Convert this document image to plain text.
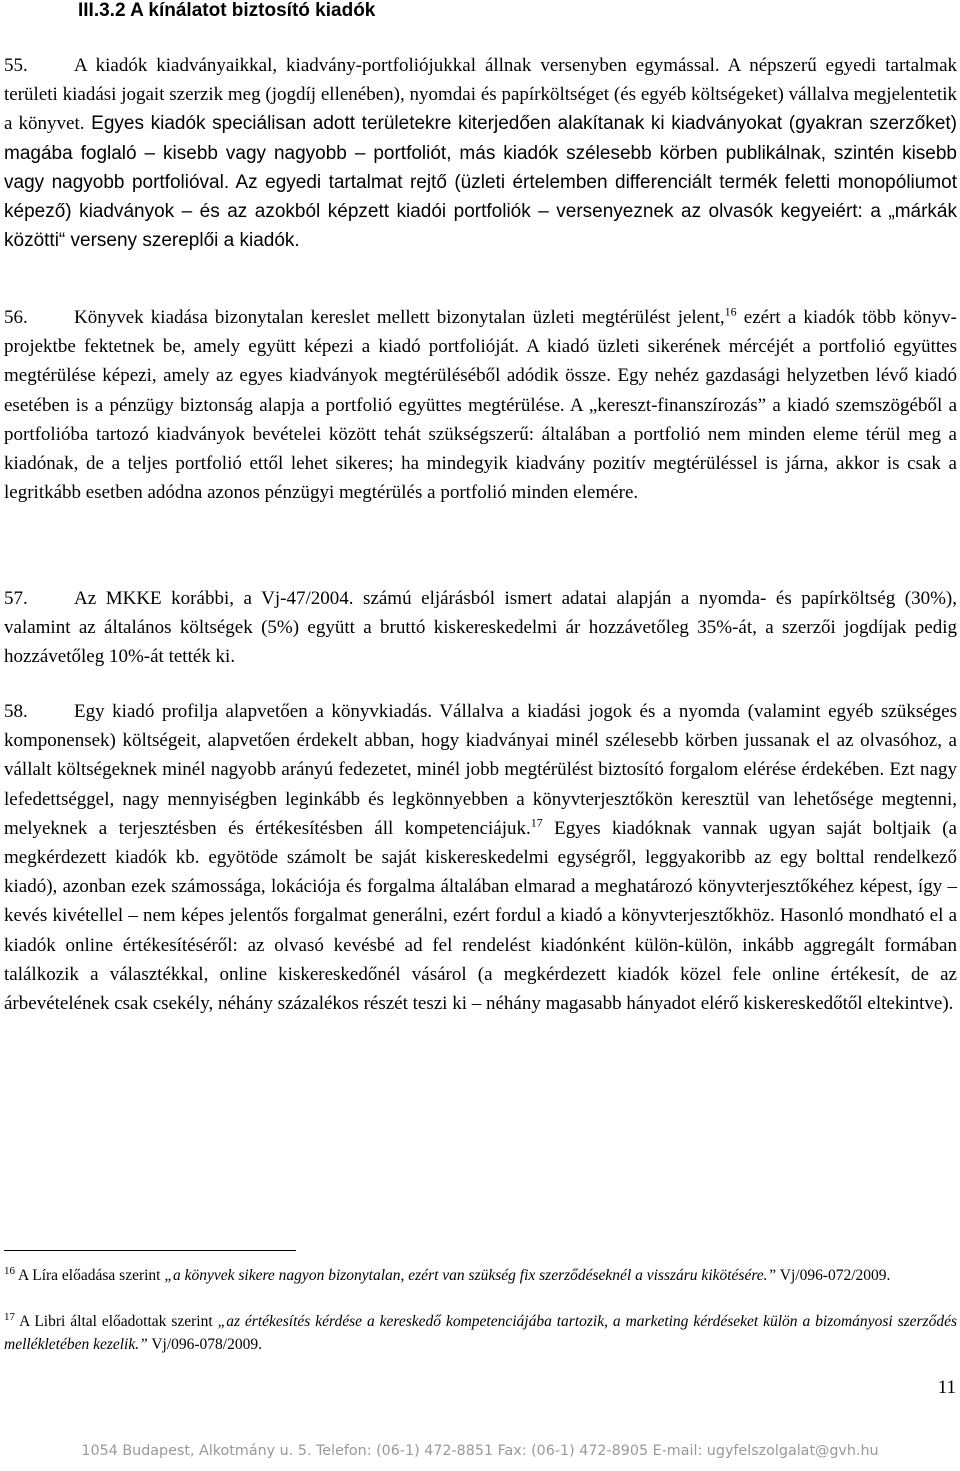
III.3.2 A kínálatot biztosító kiadók

55. A kiadók kiadványaikkal, kiadvány-portfoliójukkal állnak versenyben egymással. A népszerű egyedi tartalmak területi kiadási jogait szerzik meg (jogdíj ellenében), nyomdai és papírköltséget (és egyéb költségeket) vállalva megjelentetik a könyvet. Egyes kiadók speciálisan adott területekre kiterjedően alakítanak ki kiadványokat (gyakran szerzőket) magába foglaló – kisebb vagy nagyobb – portfoliót, más kiadók szélesebb körben publikálnak, szintén kisebb vagy nagyobb portfolióval. Az egyedi tartalmat rejtő (üzleti értelemben differenciált termék feletti monopóliumot képező) kiadványok – és az azokból képzett kiadói portfoliók – versenyeznek az olvasók kegyeiért: a „márkák közötti“ verseny szereplői a kiadók.

56. Könyvek kiadása bizonytalan kereslet mellett bizonytalan üzleti megtérülést jelent,$^{16}$ ezért a kiadók több könyv-projektbe fektetnek be, amely együtt képezi a kiadó portfolióját. A kiadó üzleti sikerének mércéjét a portfolió együttes megtérülése képezi, amely az egyes kiadványok megtérüléséből adódik össze. Egy nehéz gazdasági helyzetben lévő kiadó esetében is a pénzügy biztonság alapja a portfolió együttes megtérülése. A „kereszt-finanszírozás” a kiadó szemszögéből a portfolióba tartozó kiadványok bevételei között tehát szükségszerű: általában a portfolió nem minden eleme térül meg a kiadónak, de a teljes portfolió ettől lehet sikeres; ha mindegyik kiadvány pozitív megtérüléssel is járna, akkor is csak a legritkább esetben adódna azonos pénzügyi megtérülés a portfolió minden elemére.

57. Az MKKE korábbi, a Vj-47/2004. számú eljárásból ismert adatai alapján a nyomda- és papírköltség (30%), valamint az általános költségek (5%) együtt a bruttó kiskereskedelmi ár hozzávetőleg 35%-át, a szerzői jogdíjak pedig hozzávetőleg 10%-át tették ki.

58. Egy kiadó profilja alapvetően a könyvkiadás. Vállalva a kiadási jogok és a nyomda (valamint egyéb szükséges komponensek) költségeit, alapvetően érdekelt abban, hogy kiadványai minél szélesebb körben jussanak el az olvasóhoz, a vállalt költségeknek minél nagyobb arányú fedezetet, minél jobb megtérülést biztosító forgalom elérése érdekében. Ezt nagy lefedettséggel, nagy mennyiségben leginkább és legkönnyebben a könyvterjesztőkön keresztül van lehetősége megtenni, melyeknek a terjesztésben és értékesítésben áll kompetenciájuk.$^{17}$ Egyes kiadóknak vannak ugyan saját boltjaik (a megkérdezett kiadók kb. egyötöde számolt be saját kiskereskedelmi egységről, leggyakoribb az egy bolttal rendelkező kiadó), azonban ezek számossága, lokációja és forgalma általában elmarad a meghatározó könyvterjesztőkéhez képest, így – kevés kivétellel – nem képes jelentős forgalmat generálni, ezért fordul a kiadó a könyvterjesztőkhöz. Hasonló mondható el a kiadók online értékesítéséről: az olvasó kevésbé ad fel rendelést kiadónként külön-külön, inkább aggregált formában találkozik a választékkal, online kiskereskedőnél vásárol (a megkérdezett kiadók közel fele online értékesít, de az árbevételének csak csekély, néhány százalékos részét teszi ki – néhány magasabb hányadot elérő kiskereskedőtől eltekintve).

$^{16}$ A Líra előadása szerint „a könyvek sikere nagyon bizonytalan, ezért van szükség fix szerződéseknél a visszáru kikötésére.” Vj/096-072/2009.

$^{17}$ A Libri által előadottak szerint „az értékesítés kérdése a kereskedő kompetenciájába tartozik, a marketing kérdéseket külön a bizományosi szerződés mellékletében kezelik.” Vj/096-078/2009.

11
1054 Budapest, Alkotmány u. 5. Telefon: (06-1) 472-8851 Fax: (06-1) 472-8905 E-mail: ugyfelszolgalat@gvh.hu
